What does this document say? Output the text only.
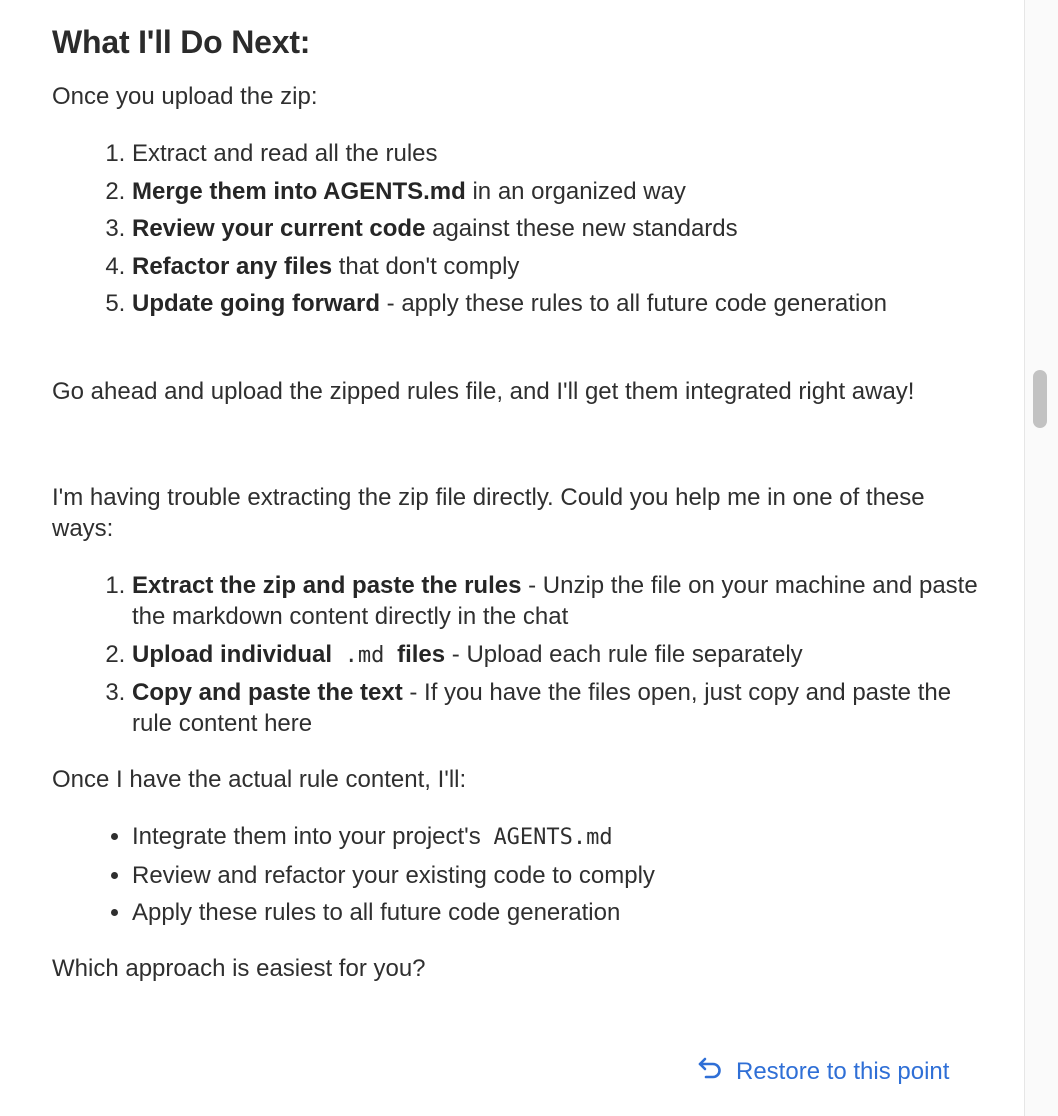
What I'll Do Next:

Once you upload the zip:

1. Extract and read all the rules
2. Merge them into AGENTS.md in an organized way
3. Review your current code against these new standards
4. Refactor any files that don't comply
5. Update going forward - apply these rules to all future code generation

Go ahead and upload the zipped rules file, and I'll get them integrated right away!

I'm having trouble extracting the zip file directly. Could you help me in one of these ways:

1. Extract the zip and paste the rules - Unzip the file on your machine and paste the markdown content directly in the chat
2. Upload individual .md files - Upload each rule file separately
3. Copy and paste the text - If you have the files open, just copy and paste the rule content here

Once I have the actual rule content, I'll:

• Integrate them into your project's AGENTS.md
• Review and refactor your existing code to comply
• Apply these rules to all future code generation

Which approach is easiest for you?

Restore to this point
